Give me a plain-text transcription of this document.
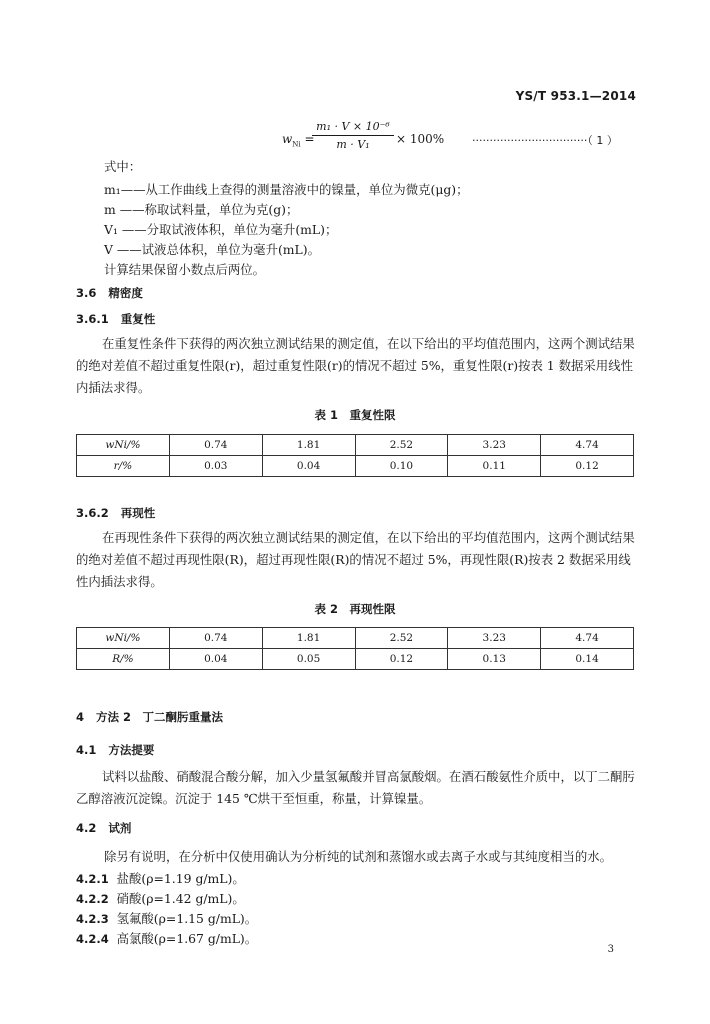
YS/T 953.1—2014
$w_{Ni}$ =
m₁ · V × 10⁻⁶
m · V₁	× 100%	·································（ 1 ）
式中：
m₁——从工作曲线上查得的测量溶液中的镍量，单位为微克(μg)；
m ——称取试料量，单位为克(g)；
V₁ ——分取试液体积，单位为毫升(mL)；
V ——试液总体积，单位为毫升(mL)。
计算结果保留小数点后两位。
3.6 精密度
3.6.1 重复性
在重复性条件下获得的两次独立测试结果的测定值，在以下给出的平均值范围内，这两个测试结果的绝对差值不超过重复性限(r)，超过重复性限(r)的情况不超过 5%，重复性限(r)按表 1 数据采用线性内插法求得。
表 1　重复性限
wNi/%	0.74	1.81	2.52	3.23	4.74
r/%	0.03	0.04	0.10	0.11	0.12
3.6.2 再现性
在再现性条件下获得的两次独立测试结果的测定值，在以下给出的平均值范围内，这两个测试结果的绝对差值不超过再现性限(R)，超过再现性限(R)的情况不超过 5%，再现性限(R)按表 2 数据采用线性内插法求得。
表 2　再现性限
wNi/%	0.74	1.81	2.52	3.23	4.74
R/%	0.04	0.05	0.12	0.13	0.14
4 方法 2　丁二酮肟重量法
4.1 方法提要
试料以盐酸、硝酸混合酸分解，加入少量氢氟酸并冒高氯酸烟。在酒石酸氨性介质中，以丁二酮肟乙醇溶液沉淀镍。沉淀于 145 ℃烘干至恒重，称量，计算镍量。
4.2 试剂
除另有说明，在分析中仅使用确认为分析纯的试剂和蒸馏水或去离子水或与其纯度相当的水。
4.2.1 盐酸(ρ=1.19 g/mL)。
4.2.2 硝酸(ρ=1.42 g/mL)。
4.2.3 氢氟酸(ρ=1.15 g/mL)。
4.2.4 高氯酸(ρ=1.67 g/mL)。
3
